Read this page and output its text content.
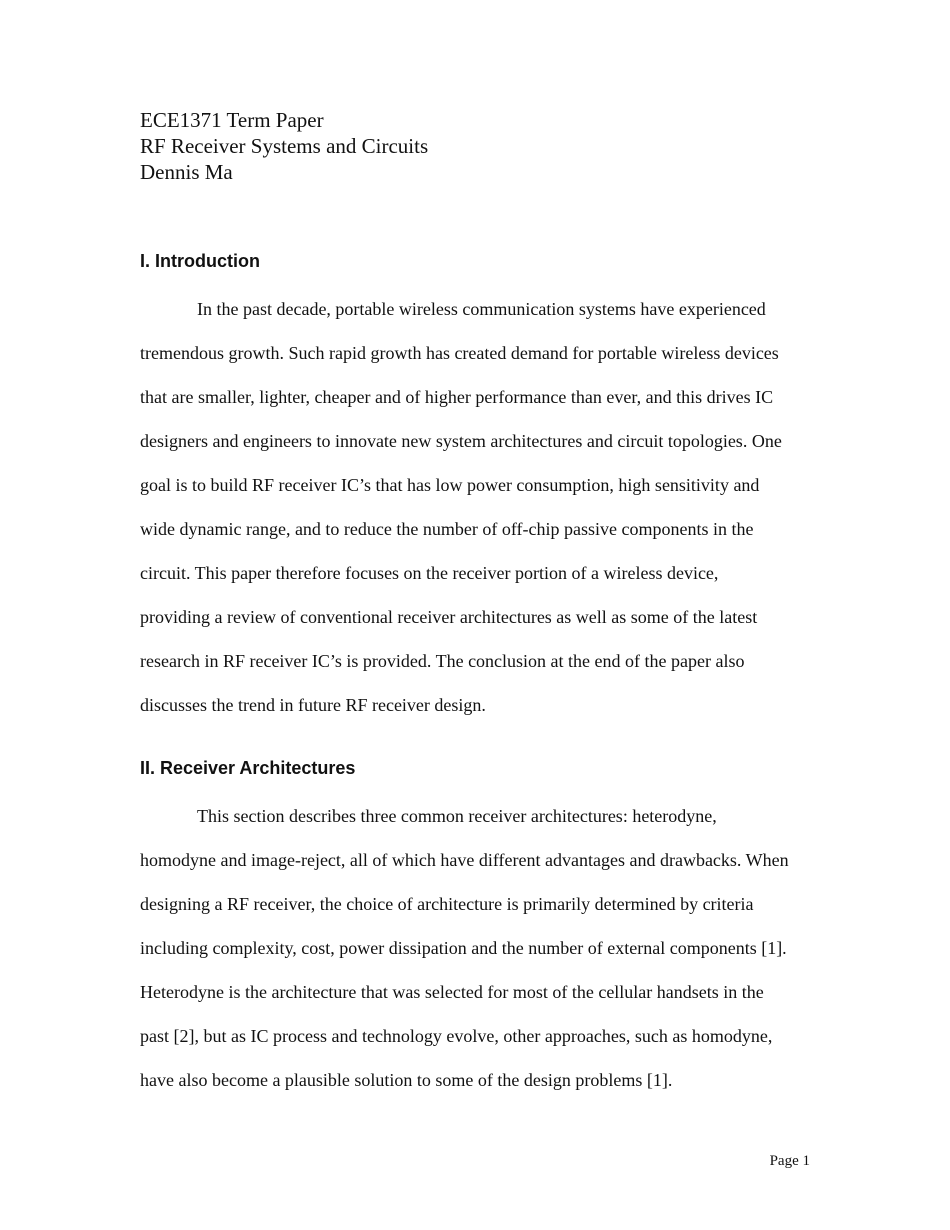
ECE1371 Term Paper
RF Receiver Systems and Circuits
Dennis Ma
I. Introduction
In the past decade, portable wireless communication systems have experienced
tremendous growth. Such rapid growth has created demand for portable wireless devices
that are smaller, lighter, cheaper and of higher performance than ever, and this drives IC
designers and engineers to innovate new system architectures and circuit topologies. One
goal is to build RF receiver IC’s that has low power consumption, high sensitivity and
wide dynamic range, and to reduce the number of off-chip passive components in the
circuit. This paper therefore focuses on the receiver portion of a wireless device,
providing a review of conventional receiver architectures as well as some of the latest
research in RF receiver IC’s is provided. The conclusion at the end of the paper also
discusses the trend in future RF receiver design.
II. Receiver Architectures
This section describes three common receiver architectures: heterodyne,
homodyne and image-reject, all of which have different advantages and drawbacks. When
designing a RF receiver, the choice of architecture is primarily determined by criteria
including complexity, cost, power dissipation and the number of external components [1].
Heterodyne is the architecture that was selected for most of the cellular handsets in the
past [2], but as IC process and technology evolve, other approaches, such as homodyne,
have also become a plausible solution to some of the design problems [1].
Page 1
